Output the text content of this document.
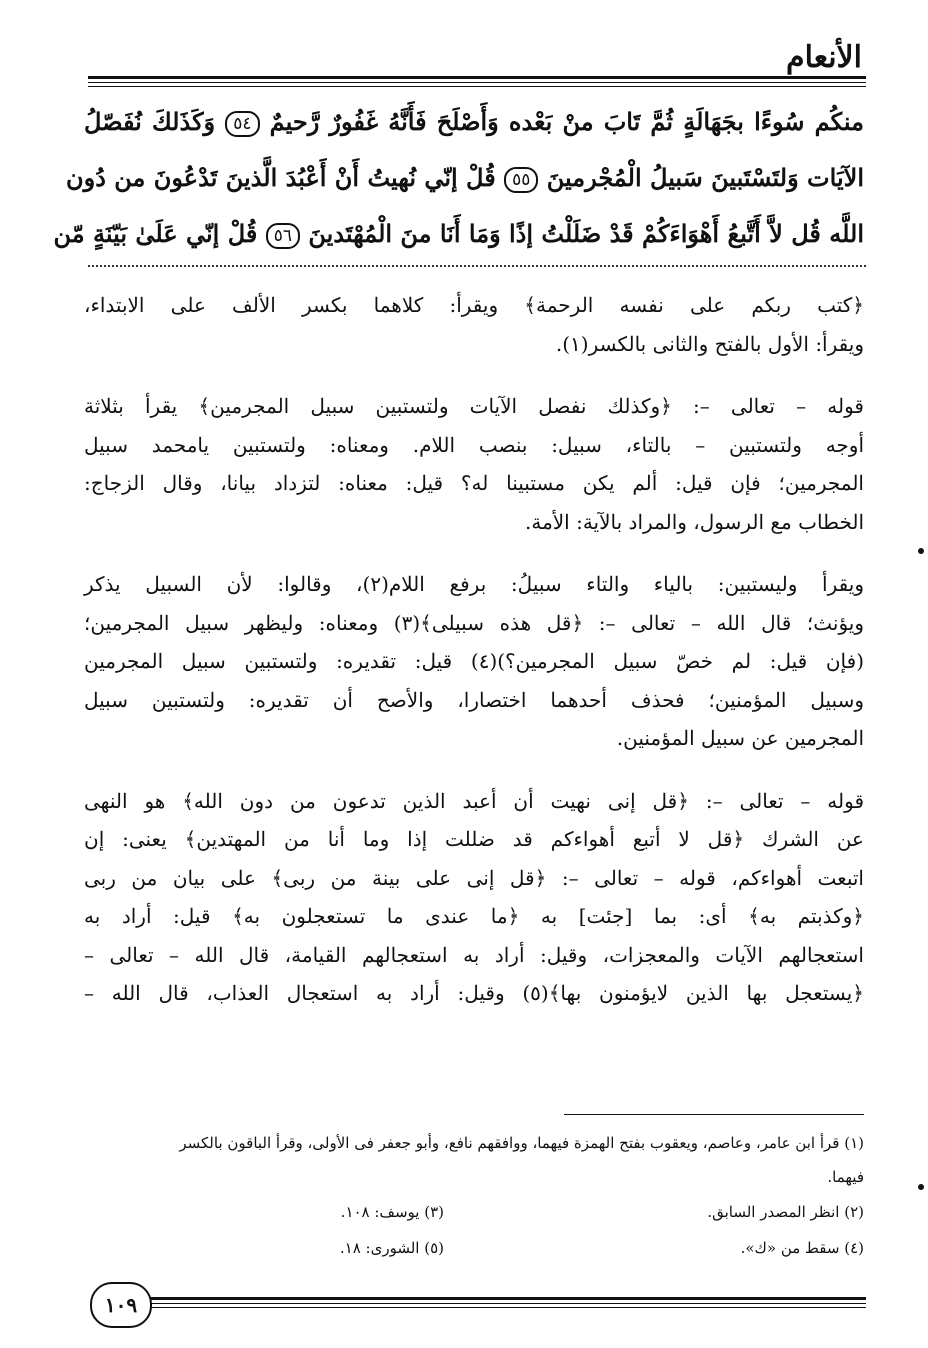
الأنعام
منكُم سُوءًا بجَهَالَةٍ ثُمَّ تَابَ منْ بَعْده وَأَصْلَحَ فَأَنَّهُ غَفُورٌ رَّحيمٌ ٥٤ وَكَذَلكَ نُفَصّلُ
الآيَات وَلتَسْتَبينَ سَبيلُ الْمُجْرمينَ ٥٥ قُلْ إنّي نُهيتُ أَنْ أَعْبُدَ الَّذينَ تَدْعُونَ من دُون
اللَّه قُل لاَّ أَتَّبعُ أَهْوَاءَكُمْ قَدْ ضَلَلْتُ إذًا وَمَا أَنَا منَ الْمُهْتَدينَ ٥٦ قُلْ إنّي عَلَىٰ بَيّنَةٍ مّن
﴿كتب ربكم على نفسه الرحمة﴾ ويقرأ: كلاهما بكسر الألف على الابتداء،
ويقرأ: الأول بالفتح والثانى بالكسر(١).
قوله – تعالى –: ﴿وكذلك نفصل الآيات ولتستبين سبيل المجرمين﴾ يقرأ بثلاثة
أوجه ولتستبين – بالتاء، سبيل: بنصب اللام. ومعناه: ولتستبين يامحمد سبيل
المجرمين؛ فإن قيل: ألم يكن مستبينا له؟ قيل: معناه: لتزداد بيانا، وقال الزجاج:
الخطاب مع الرسول، والمراد بالآية: الأمة.
ويقرأ وليستبين: بالياء والتاء سبيلُ: برفع اللام(٢)، وقالوا: لأن السبيل يذكر
ويؤنث؛ قال الله – تعالى –: ﴿قل هذه سبيلى﴾(٣) ومعناه: وليظهر سبيل المجرمين؛
(فإن قيل: لم خصّ سبيل المجرمين؟)(٤) قيل: تقديره: ولتستبين سبيل المجرمين
وسبيل المؤمنين؛ فحذف أحدهما اختصارا، والأصح أن تقديره: ولتستبين سبيل
المجرمين عن سبيل المؤمنين.
قوله – تعالى –: ﴿قل إنى نهيت أن أعبد الذين تدعون من دون الله﴾ هو النهى
عن الشرك ﴿قل لا أتبع أهواءكم قد ضللت إذا وما أنا من المهتدين﴾ يعنى: إن
اتبعت أهواءكم، قوله – تعالى –: ﴿قل إنى على بينة من ربى﴾ على بيان من ربى
﴿وكذبتم به﴾ أى: بما [جئت] به ﴿ما عندى ما تستعجلون به﴾ قيل: أراد به
استعجالهم الآيات والمعجزات، وقيل: أراد به استعجالهم القيامة، قال الله – تعالى –
﴿يستعجل بها الذين لايؤمنون بها﴾(٥) وقيل: أراد به استعجال العذاب، قال الله –
(١) قرأ ابن عامر، وعاصم، ويعقوب بفتح الهمزة فيهما، ووافقهم نافع، وأبو جعفر فى الأولى، وقرأ الباقون بالكسر
فيهما.
(٢) انظر المصدر السابق.
(٣) يوسف: ١٠٨.
(٤) سقط من «ك».
(٥) الشورى: ١٨.
١٠٩
